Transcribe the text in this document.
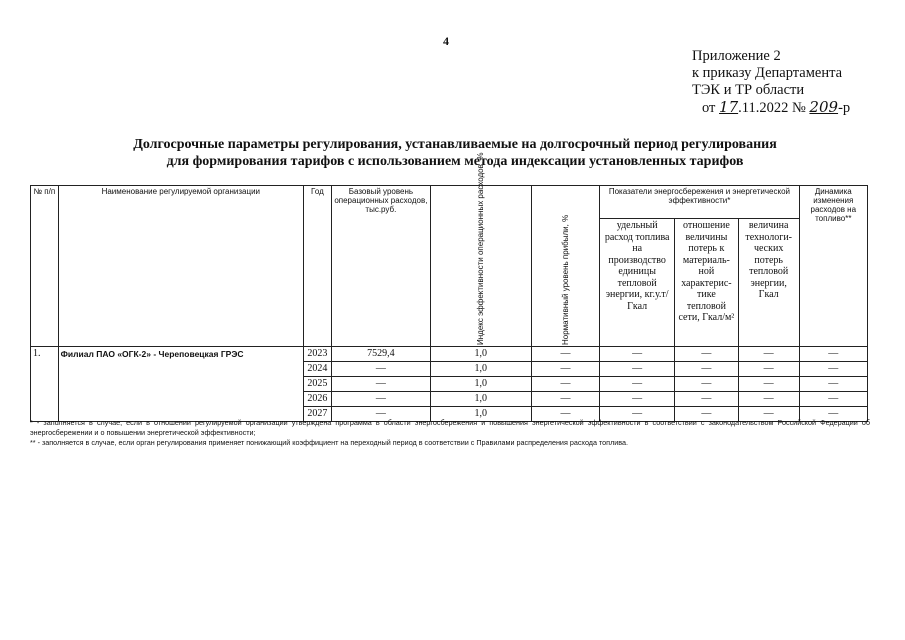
4
Приложение 2
к приказу Департамента
ТЭК и ТР области
от 17.11.2022 № 209-р
Долгосрочные параметры регулирования, устанавливаемые на долгосрочный период регулирования
для формирования тарифов с использованием метода индексации установленных тарифов
№ п/п	Наименование регулируемой организации	Год	Базовый уровень операционных расходов, тыс.руб.	Индекс эффективности операционных расходов, %	Нормативный уровень прибыли, %	Показатели энергосбережения и энергетической эффективности*			Динамика изменения расходов на топливо**
						удельный расход топлива на производство единицы тепловой энергии, кг.у.т/Гкал	отношение величины потерь к материаль-ной характерис-тике тепловой сети, Гкал/м²	величина технологи-ческих потерь тепловой энергии, Гкал	
1.	Филиал ПАО «ОГК-2» - Череповецкая ГРЭС	2023	7529,4	1,0	—	—	—	—	—
		2024	—	1,0	—	—	—	—	—
		2025	—	1,0	—	—	—	—	—
		2026	—	1,0	—	—	—	—	—
		2027	—	1,0	—	—	—	—	—

* - заполняется в случае, если в отношении регулируемой организации утверждена программа в области энергосбережения и повышения энергетической эффективности в соответствии с законодательством Российской Федерации об энергосбережении и о повышении энергетической эффективности;

** - заполняется в случае, если орган регулирования применяет понижающий коэффициент на переходный период в соответствии с Правилами распределения расхода топлива.
